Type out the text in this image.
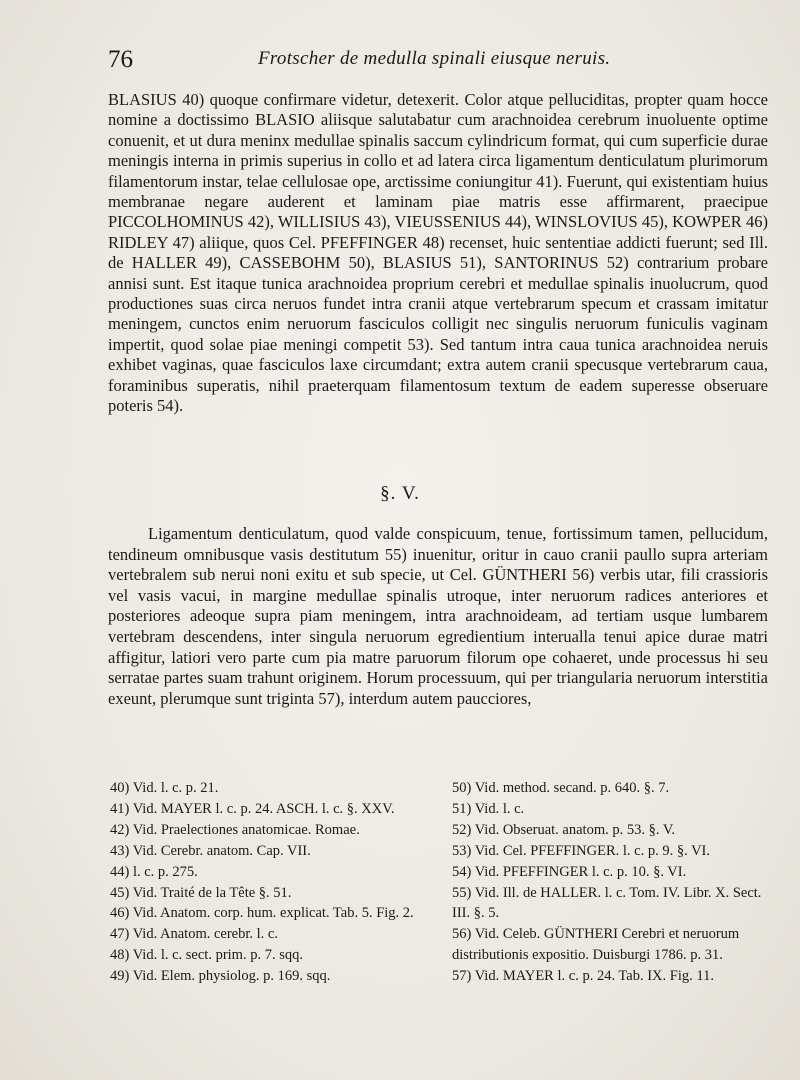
76	Frotscher de medulla spinali eiusque neruis.

BLASIUS 40) quoque confirmare videtur, detexerit. Color atque pelluciditas, propter quam hocce nomine a doctissimo BLASIO aliisque salutabatur cum arachnoidea cerebrum inuoluente optime conuenit, et ut dura meninx medullae spinalis saccum cylindricum format, qui cum superficie durae meningis interna in primis superius in collo et ad latera circa ligamentum denticulatum plurimorum filamentorum instar, telae cellulosae ope, arctissime coniungitur 41). Fuerunt, qui existentiam huius membranae negare auderent et laminam piae matris esse affirmarent, praecipue PICCOLHOMINUS 42), WILLISIUS 43), VIEUSSENIUS 44), WINSLOVIUS 45), KOWPER 46) RIDLEY 47) aliique, quos Cel. PFEFFINGER 48) recenset, huic sententiae addicti fuerunt; sed Ill. de HALLER 49), CASSEBOHM 50), BLASIUS 51), SANTORINUS 52) contrarium probare annisi sunt. Est itaque tunica arachnoidea proprium cerebri et medullae spinalis inuolucrum, quod productiones suas circa neruos fundet intra cranii atque vertebrarum specum et crassam imitatur meningem, cunctos enim neruorum fasciculos colligit nec singulis neruorum funiculis vaginam impertit, quod solae piae meningi competit 53). Sed tantum intra caua tunica arachnoidea neruis exhibet vaginas, quae fasciculos laxe circumdant; extra autem cranii specusque vertebrarum caua, foraminibus superatis, nihil praeterquam filamentosum textum de eadem superesse obseruare poteris 54).

§. V.
Ligamentum denticulatum, quod valde conspicuum, tenue, fortissimum tamen, pellucidum, tendineum omnibusque vasis destitutum 55) inuenitur, oritur in cauo cranii paullo supra arteriam vertebralem sub nerui noni exitu et sub specie, ut Cel. GÜNTHERI 56) verbis utar, fili crassioris vel vasis vacui, in margine medullae spinalis utroque, inter neruorum radices anteriores et posteriores adeoque supra piam meningem, intra arachnoideam, ad tertiam usque lumbarem vertebram descendens, inter singula neruorum egredientium interualla tenui apice durae matri affigitur, latiori vero parte cum pia matre paruorum filorum ope cohaeret, unde processus hi seu serratae partes suam trahunt originem. Horum processuum, qui per triangularia neruorum interstitia exeunt, plerumque sunt triginta 57), interdum autem paucciores,

40) Vid. l. c. p. 21.

41) Vid. MAYER l. c. p. 24. ASCH. l. c. §. XXV.

42) Vid. Praelectiones anatomicae. Romae.

43) Vid. Cerebr. anatom. Cap. VII.

44) l. c. p. 275.

45) Vid. Traité de la Tête §. 51.

46) Vid. Anatom. corp. hum. explicat. Tab. 5. Fig. 2.

47) Vid. Anatom. cerebr. l. c.

48) Vid. l. c. sect. prim. p. 7. sqq.

49) Vid. Elem. physiolog. p. 169. sqq.

50) Vid. method. secand. p. 640. §. 7.

51) Vid. l. c.

52) Vid. Obseruat. anatom. p. 53. §. V.

53) Vid. Cel. PFEFFINGER. l. c. p. 9. §. VI.

54) Vid. PFEFFINGER l. c. p. 10. §. VI.

55) Vid. Ill. de HALLER. l. c. Tom. IV. Libr. X. Sect. III. §. 5.

56) Vid. Celeb. GÜNTHERI Cerebri et neruorum distributionis expositio. Duisburgi 1786. p. 31.

57) Vid. MAYER l. c. p. 24. Tab. IX. Fig. 11.
